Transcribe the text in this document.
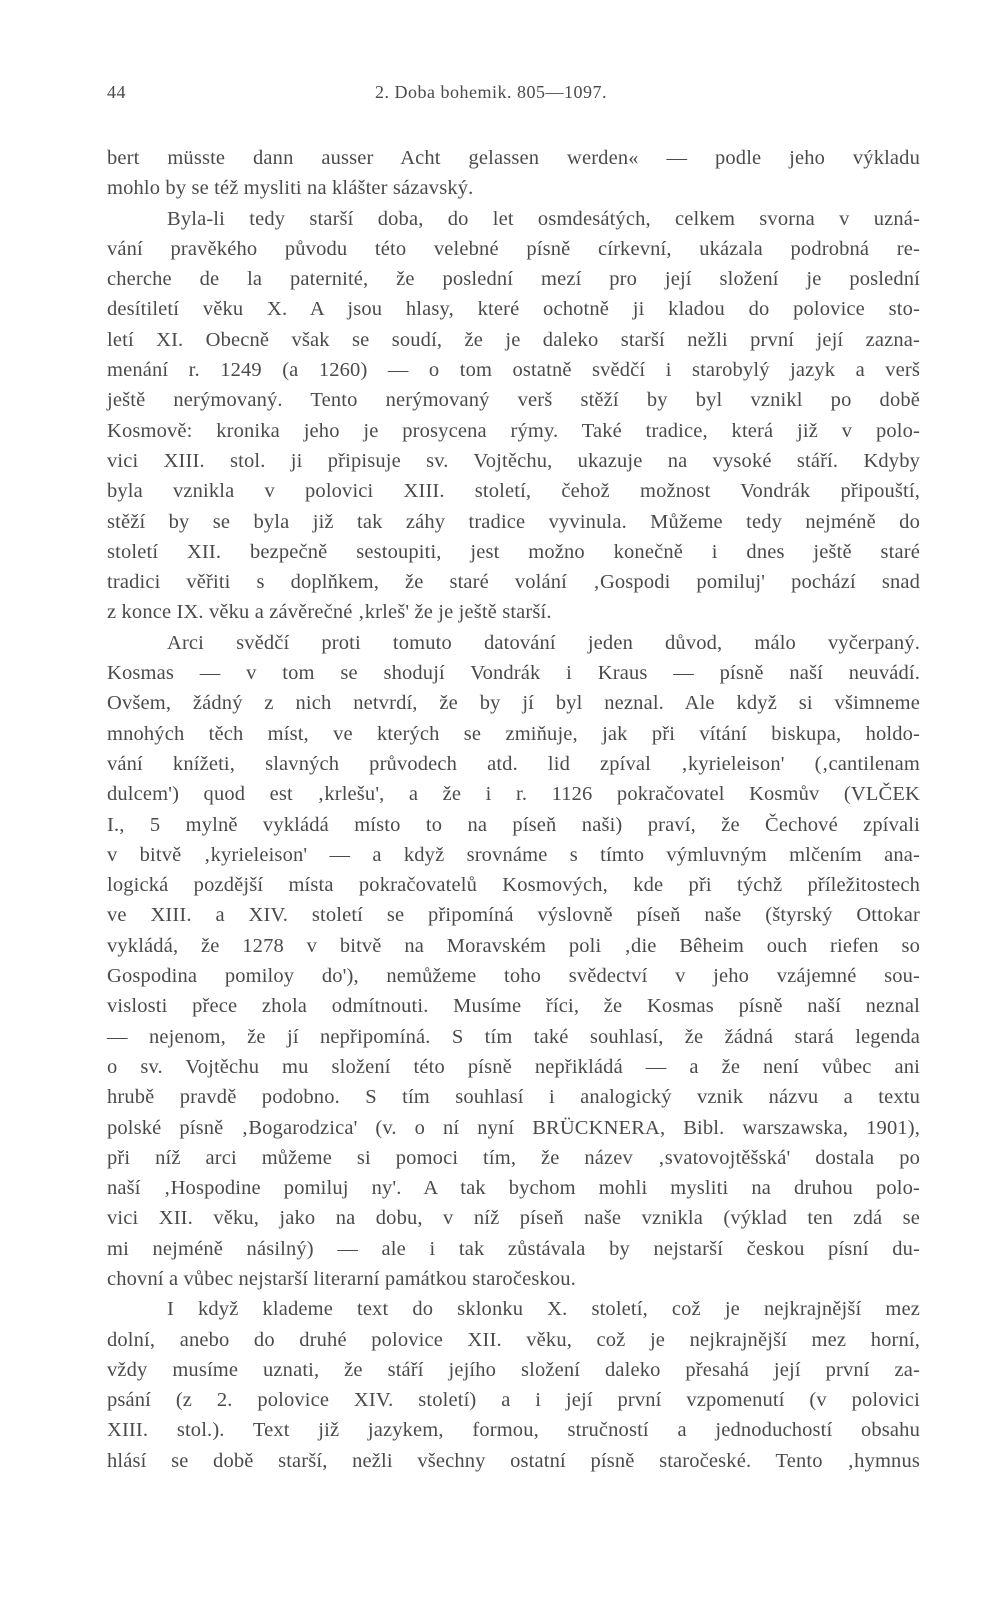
44	2. Doba bohemik. 805—1097.
bert müsste dann ausser Acht gelassen werden« — podle jeho výkladu
mohlo by se též mysliti na klášter sázavský.
Byla-li tedy starší doba, do let osmdesátých, celkem svorna v uzná-
vání pravěkého původu této velebné písně církevní, ukázala podrobná re-
cherche de la paternité, že poslední mezí pro její složení je poslední
desítiletí věku X. A jsou hlasy, které ochotně ji kladou do polovice sto-
letí XI. Obecně však se soudí, že je daleko starší nežli první její zazna-
menání r. 1249 (a 1260) — o tom ostatně svědčí i starobylý jazyk a verš
ještě nerýmovaný. Tento nerýmovaný verš stěží by byl vznikl po době
Kosmově: kronika jeho je prosycena rýmy. Také tradice, která již v polo-
vici XIII. stol. ji připisuje sv. Vojtěchu, ukazuje na vysoké stáří. Kdyby
byla vznikla v polovici XIII. století, čehož možnost Vondrák připouští,
stěží by se byla již tak záhy tradice vyvinula. Můžeme tedy nejméně do
století XII. bezpečně sestoupiti, jest možno konečně i dnes ještě staré
tradici věřiti s doplňkem, že staré volání ‚Gospodi pomiluj' pochází snad
z konce IX. věku a závěrečné ‚krleš' že je ještě starší.
Arci svědčí proti tomuto datování jeden důvod, málo vyčerpaný.
Kosmas — v tom se shodují Vondrák i Kraus — písně naší neuvádí.
Ovšem, žádný z nich netvrdí, že by jí byl neznal. Ale když si všimneme
mnohých těch míst, ve kterých se zmiňuje, jak při vítání biskupa, holdo-
vání knížeti, slavných průvodech atd. lid zpíval ‚kyrieleison' (‚cantilenam
dulcem') quod est ‚krlešu', a že i r. 1126 pokračovatel Kosmův (VLČEK
I., 5 mylně vykládá místo to na píseň naši) praví, že Čechové zpívali
v bitvě ‚kyrieleison' — a když srovnáme s tímto výmluvným mlčením ana-
logická pozdější místa pokračovatelů Kosmových, kde při týchž příležitostech
ve XIII. a XIV. století se připomíná výslovně píseň naše (štyrský Ottokar
vykládá, že 1278 v bitvě na Moravském poli ‚die Bêheim ouch riefen so
Gospodina pomiloy do'), nemůžeme toho svědectví v jeho vzájemné sou-
vislosti přece zhola odmítnouti. Musíme říci, že Kosmas písně naší neznal
— nejenom, že jí nepřipomíná. S tím také souhlasí, že žádná stará legenda
o sv. Vojtěchu mu složení této písně nepřikládá — a že není vůbec ani
hrubě pravdě podobno. S tím souhlasí i analogický vznik názvu a textu
polské písně ‚Bogarodzica' (v. o ní nyní BRÜCKNERA, Bibl. warszawska, 1901),
při níž arci můžeme si pomoci tím, že název ‚svatovojtěšská' dostala po
naší ‚Hospodine pomiluj ny'. A tak bychom mohli mysliti na druhou polo-
vici XII. věku, jako na dobu, v níž píseň naše vznikla (výklad ten zdá se
mi nejméně násilný) — ale i tak zůstávala by nejstarší českou písní du-
chovní a vůbec nejstarší literarní památkou staročeskou.
I když klademe text do sklonku X. století, což je nejkrajnější mez
dolní, anebo do druhé polovice XII. věku, což je nejkrajnější mez horní,
vždy musíme uznati, že stáří jejího složení daleko přesahá její první za-
psání (z 2. polovice XIV. století) a i její první vzpomenutí (v polovici
XIII. stol.). Text již jazykem, formou, stručností a jednoduchostí obsahu
hlásí se době starší, nežli všechny ostatní písně staročeské. Tento ‚hymnus
